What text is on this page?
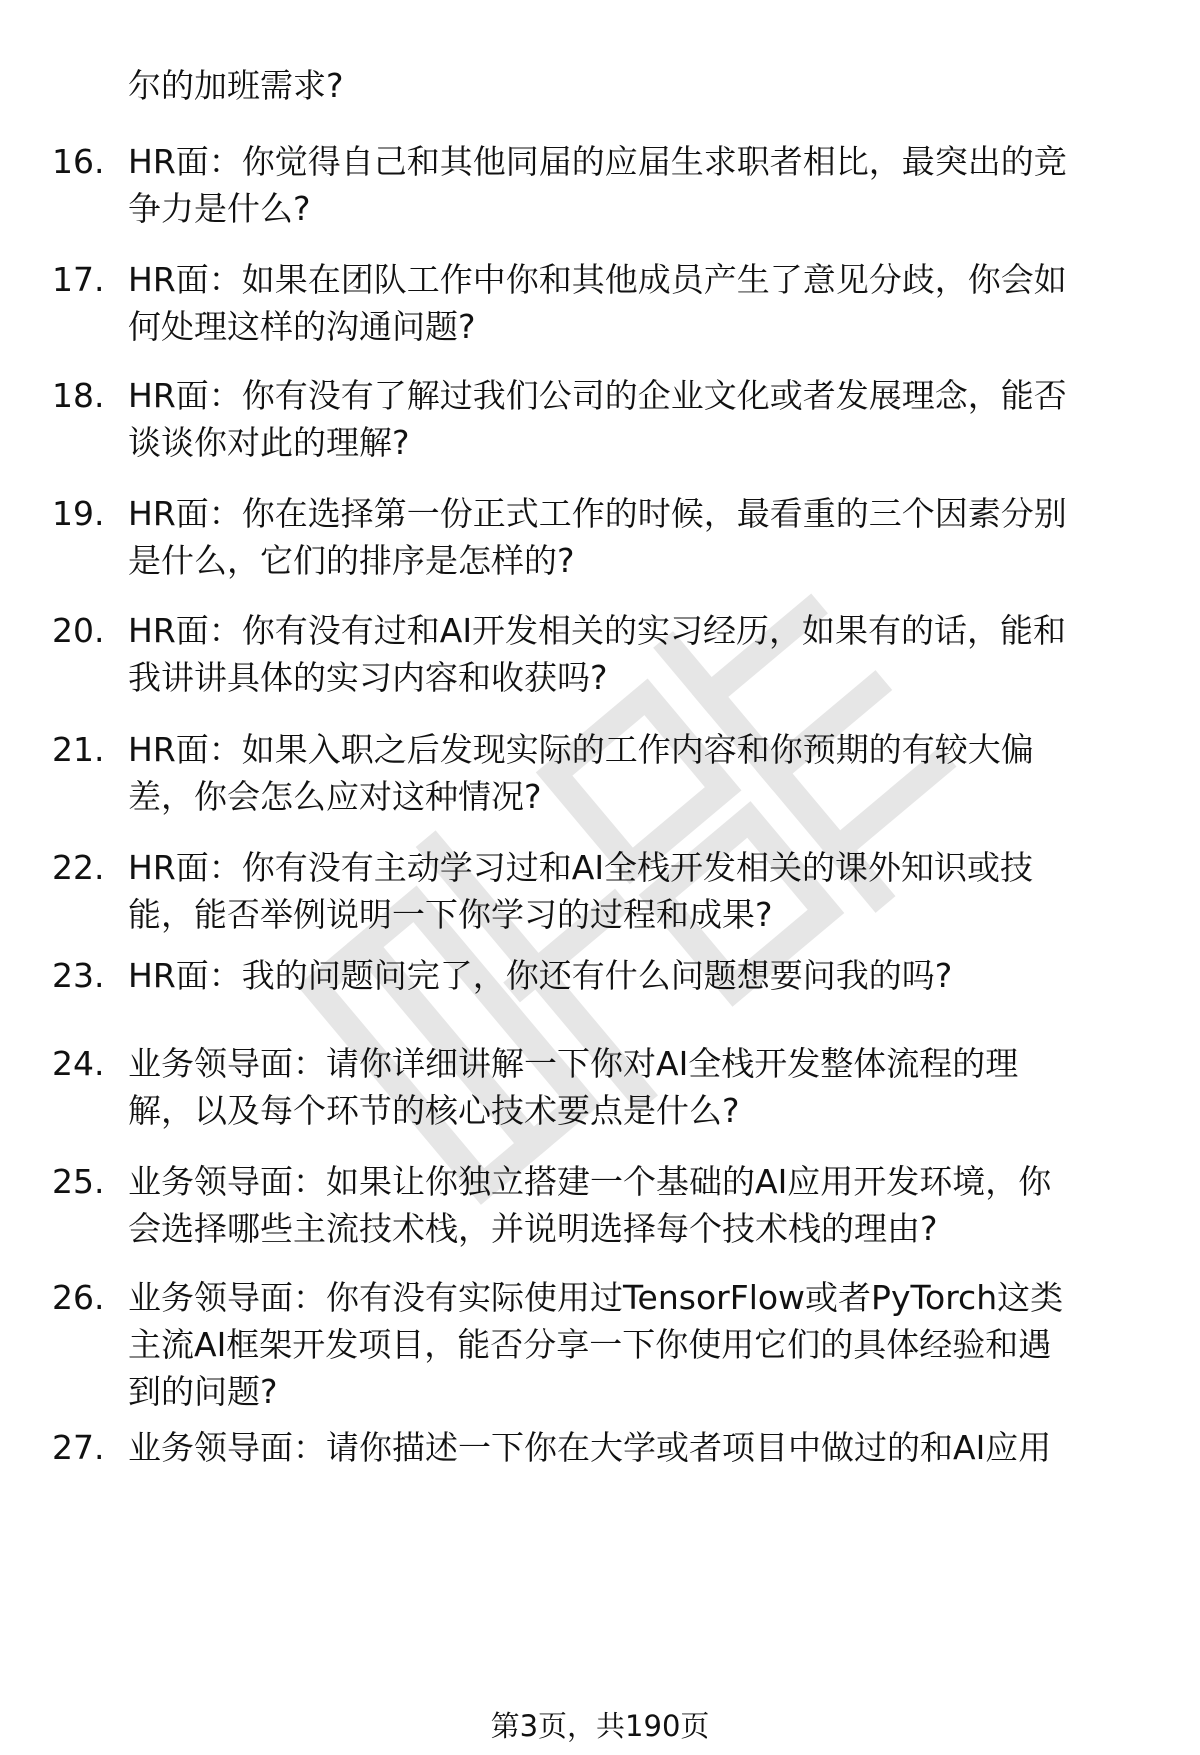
尔的加班需求?
16. HR面：你觉得自己和其他同届的应届生求职者相比，最突出的竞
争力是什么?
17. HR面：如果在团队工作中你和其他成员产生了意见分歧，你会如
何处理这样的沟通问题?
18. HR面：你有没有了解过我们公司的企业文化或者发展理念，能否
谈谈你对此的理解?
19. HR面：你在选择第一份正式工作的时候，最看重的三个因素分别
是什么，它们的排序是怎样的?
20. HR面：你有没有过和AI开发相关的实习经历，如果有的话，能和
我讲讲具体的实习内容和收获吗?
21. HR面：如果入职之后发现实际的工作内容和你预期的有较大偏
差，你会怎么应对这种情况?
22. HR面：你有没有主动学习过和AI全栈开发相关的课外知识或技
能，能否举例说明一下你学习的过程和成果?
23. HR面：我的问题问完了，你还有什么问题想要问我的吗?
24. 业务领导面：请你详细讲解一下你对AI全栈开发整体流程的理
解，以及每个环节的核心技术要点是什么?
25. 业务领导面：如果让你独立搭建一个基础的AI应用开发环境，你
会选择哪些主流技术栈，并说明选择每个技术栈的理由?
26. 业务领导面：你有没有实际使用过TensorFlow或者PyTorch这类
主流AI框架开发项目，能否分享一下你使用它们的具体经验和遇
到的问题?
27. 业务领导面：请你描述一下你在大学或者项目中做过的和AI应用
第3页，共190页
